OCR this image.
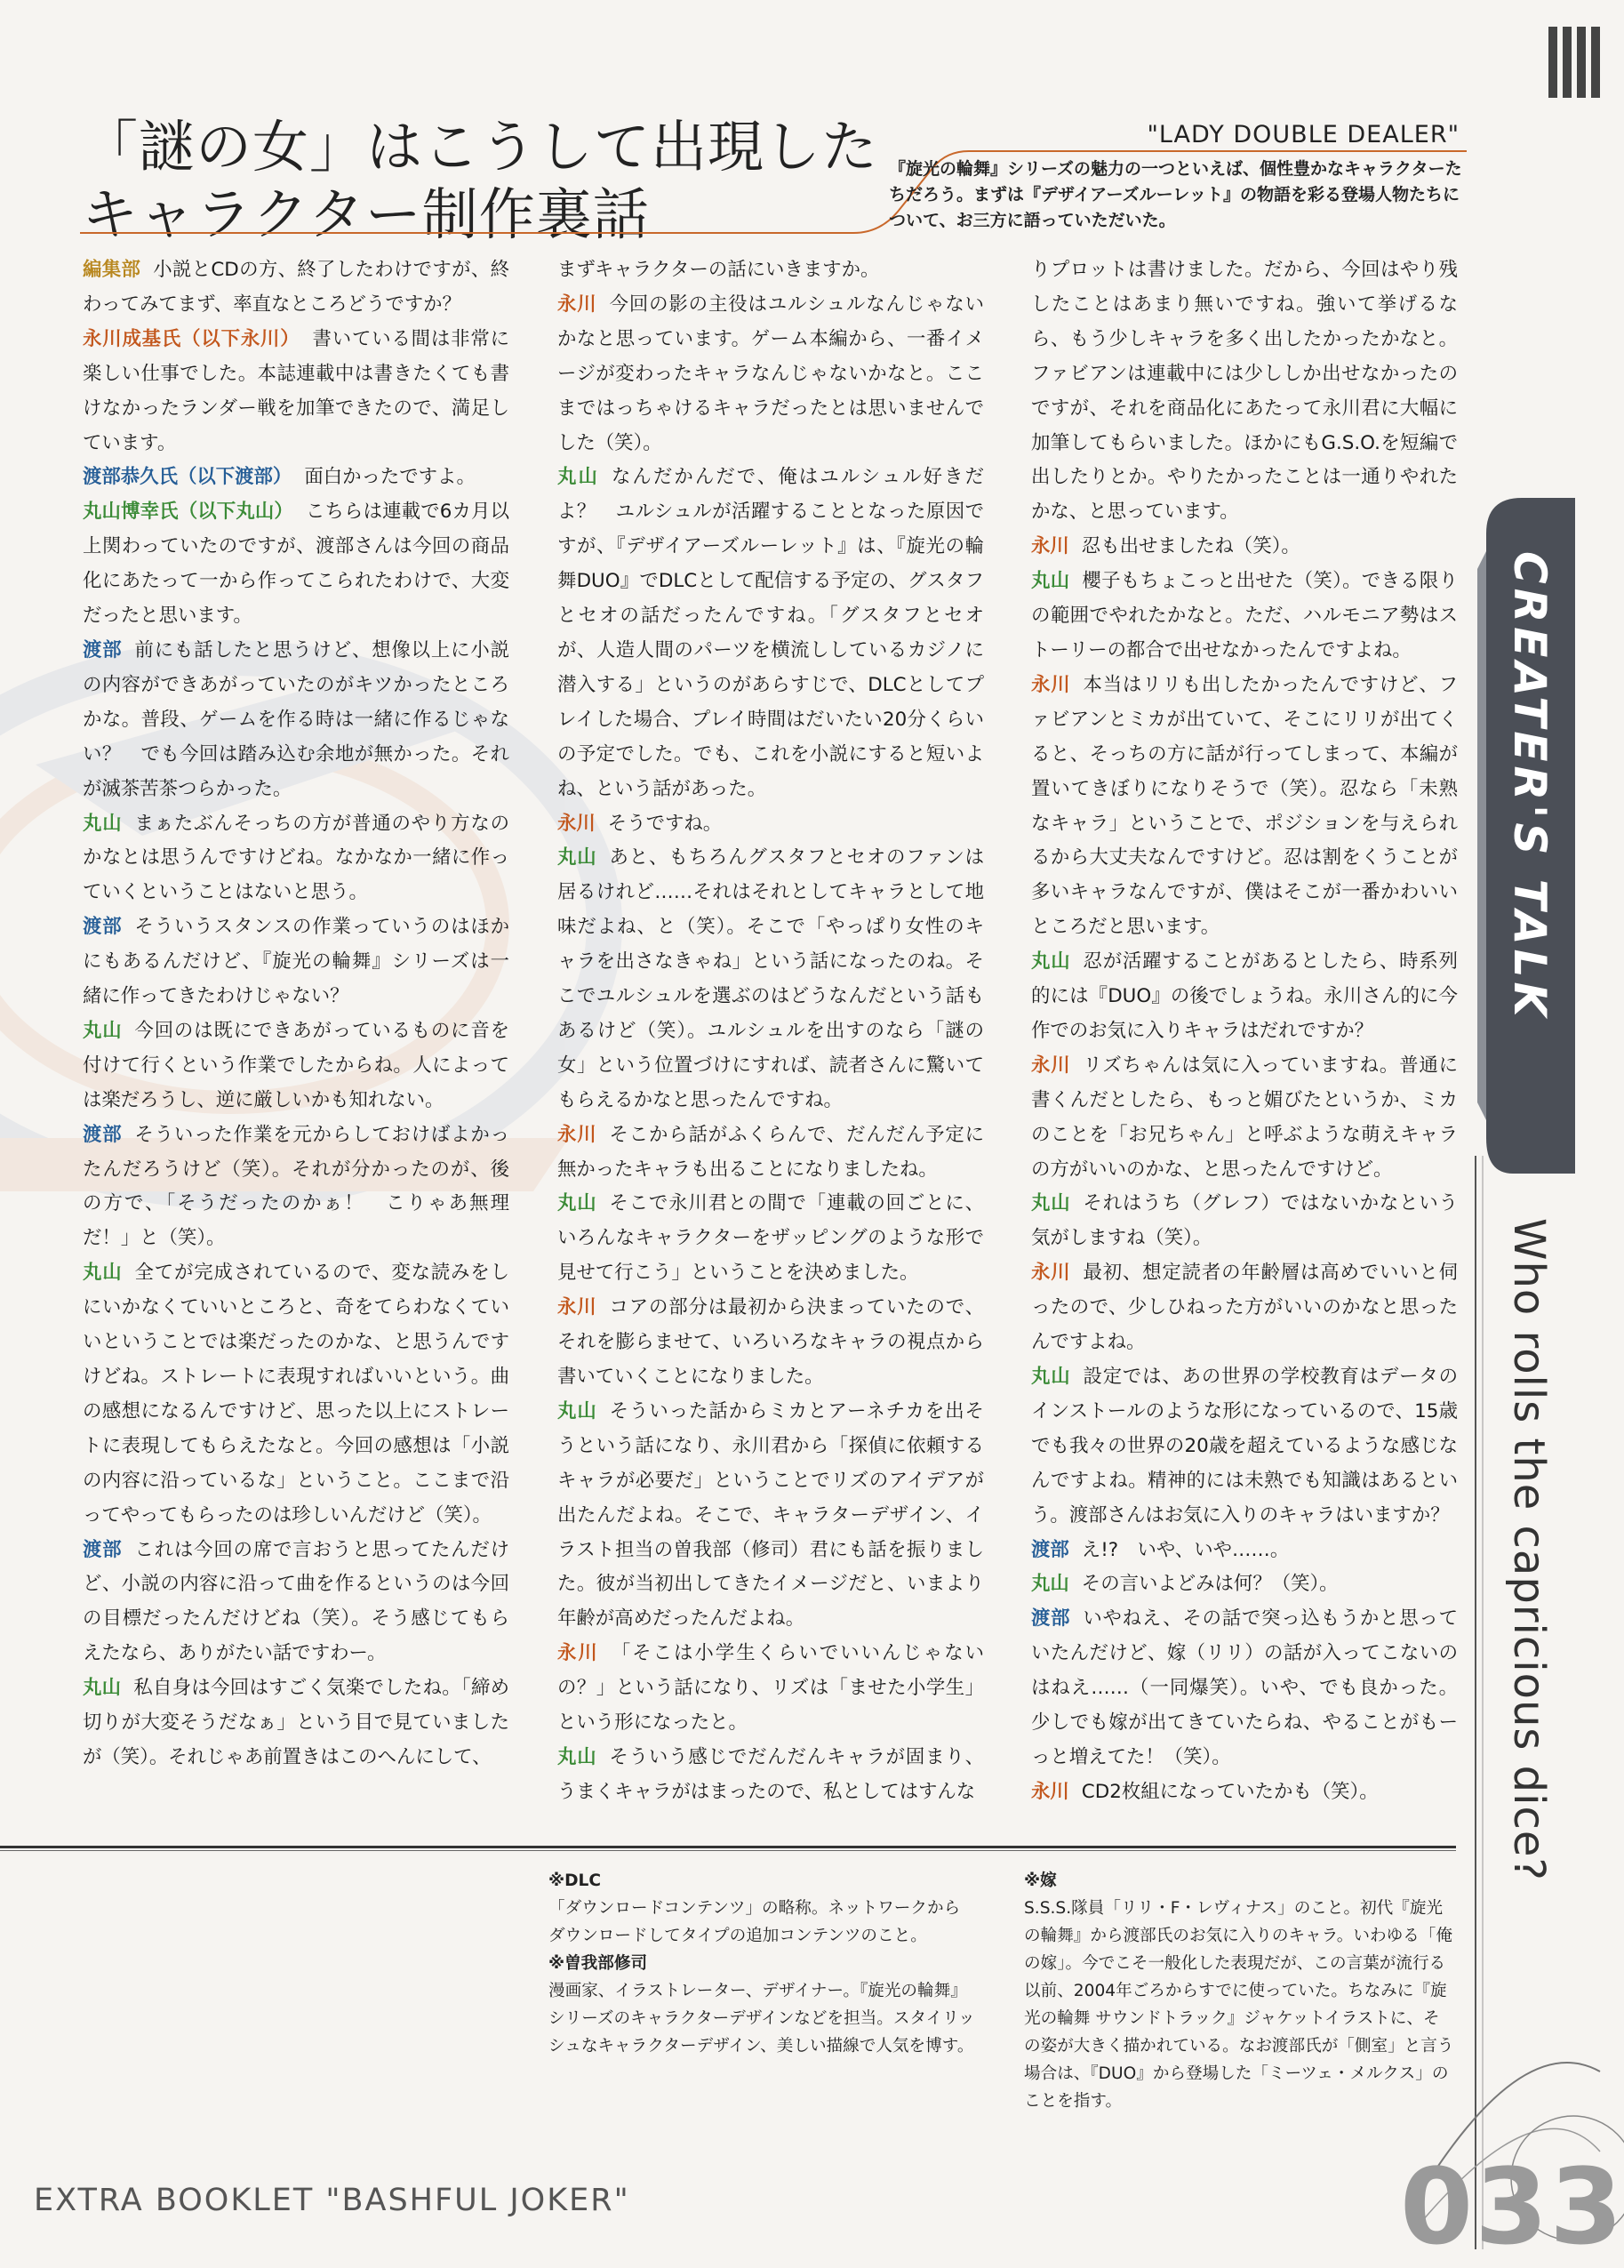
「謎の女」はこうして出現した
キャラクター制作裏話
"LADY DOUBLE DEALER"
『旋光の輪舞』シリーズの魅力の一つといえば、個性豊かなキャラクターたちだろう。まずは『デザイアーズルーレット』の物語を彩る登場人物たちについて、お三方に語っていただいた。

編集部 小説とCDの方、終了したわけですが、終わってみてまず、率直なところどうですか？

永川成基氏（以下永川） 書いている間は非常に楽しい仕事でした。本誌連載中は書きたくても書けなかったランダー戦を加筆できたので、満足しています。

渡部恭久氏（以下渡部） 面白かったですよ。

丸山博幸氏（以下丸山） こちらは連載で6カ月以上関わっていたのですが、渡部さんは今回の商品化にあたって一から作ってこられたわけで、大変だったと思います。

渡部 前にも話したと思うけど、想像以上に小説の内容ができあがっていたのがキツかったところかな。普段、ゲームを作る時は一緒に作るじゃない？　でも今回は踏み込む余地が無かった。それが滅茶苦茶つらかった。

丸山 まぁたぶんそっちの方が普通のやり方なのかなとは思うんですけどね。なかなか一緒に作っていくということはないと思う。

渡部 そういうスタンスの作業っていうのはほかにもあるんだけど、『旋光の輪舞』シリーズは一緒に作ってきたわけじゃない？

丸山 今回のは既にできあがっているものに音を付けて行くという作業でしたからね。人によっては楽だろうし、逆に厳しいかも知れない。

渡部 そういった作業を元からしておけばよかったんだろうけど（笑）。それが分かったのが、後の方で、「そうだったのかぁ！　こりゃあ無理だ！」と（笑）。

丸山 全てが完成されているので、変な読みをしにいかなくていいところと、奇をてらわなくていいということでは楽だったのかな、と思うんですけどね。ストレートに表現すればいいという。曲の感想になるんですけど、思った以上にストレートに表現してもらえたなと。今回の感想は「小説の内容に沿っているな」ということ。ここまで沿ってやってもらったのは珍しいんだけど（笑）。

渡部 これは今回の席で言おうと思ってたんだけど、小説の内容に沿って曲を作るというのは今回の目標だったんだけどね（笑）。そう感じてもらえたなら、ありがたい話ですわー。

丸山 私自身は今回はすごく気楽でしたね。「締め切りが大変そうだなぁ」という目で見ていましたが（笑）。それじゃあ前置きはこのへんにして、

まずキャラクターの話にいきますか。

永川 今回の影の主役はユルシュルなんじゃないかなと思っています。ゲーム本編から、一番イメージが変わったキャラなんじゃないかなと。ここまではっちゃけるキャラだったとは思いませんでした（笑）。

丸山 なんだかんだで、俺はユルシュル好きだよ？　ユルシュルが活躍することとなった原因ですが、『デザイアーズルーレット』は、『旋光の輪舞DUO』でDLCとして配信する予定の、グスタフとセオの話だったんですね。「グスタフとセオが、人造人間のパーツを横流ししているカジノに潜入する」というのがあらすじで、DLCとしてプレイした場合、プレイ時間はだいたい20分くらいの予定でした。でも、これを小説にすると短いよね、という話があった。

永川 そうですね。

丸山 あと、もちろんグスタフとセオのファンは居るけれど……それはそれとしてキャラとして地味だよね、と（笑）。そこで「やっぱり女性のキャラを出さなきゃね」という話になったのね。そこでユルシュルを選ぶのはどうなんだという話もあるけど（笑）。ユルシュルを出すのなら「謎の女」という位置づけにすれば、読者さんに驚いてもらえるかなと思ったんですね。

永川 そこから話がふくらんで、だんだん予定に無かったキャラも出ることになりましたね。

丸山 そこで永川君との間で「連載の回ごとに、いろんなキャラクターをザッピングのような形で見せて行こう」ということを決めました。

永川 コアの部分は最初から決まっていたので、それを膨らませて、いろいろなキャラの視点から書いていくことになりました。

丸山 そういった話からミカとアーネチカを出そうという話になり、永川君から「探偵に依頼するキャラが必要だ」ということでリズのアイデアが出たんだよね。そこで、キャラターデザイン、イラスト担当の曽我部（修司）君にも話を振りました。彼が当初出してきたイメージだと、いまより年齢が高めだったんだよね。

永川 「そこは小学生くらいでいいんじゃないの？」という話になり、リズは「ませた小学生」という形になったと。

丸山 そういう感じでだんだんキャラが固まり、うまくキャラがはまったので、私としてはすんな

りプロットは書けました。だから、今回はやり残したことはあまり無いですね。強いて挙げるなら、もう少しキャラを多く出したかったかなと。ファビアンは連載中には少ししか出せなかったのですが、それを商品化にあたって永川君に大幅に加筆してもらいました。ほかにもG.S.O.を短編で出したりとか。やりたかったことは一通りやれたかな、と思っています。

永川 忍も出せましたね（笑）。

丸山 櫻子もちょこっと出せた（笑）。できる限りの範囲でやれたかなと。ただ、ハルモニア勢はストーリーの都合で出せなかったんですよね。

永川 本当はリリも出したかったんですけど、ファビアンとミカが出ていて、そこにリリが出てくると、そっちの方に話が行ってしまって、本編が置いてきぼりになりそうで（笑）。忍なら「未熟なキャラ」ということで、ポジションを与えられるから大丈夫なんですけど。忍は割をくうことが多いキャラなんですが、僕はそこが一番かわいいところだと思います。

丸山 忍が活躍することがあるとしたら、時系列的には『DUO』の後でしょうね。永川さん的に今作でのお気に入りキャラはだれですか？

永川 リズちゃんは気に入っていますね。普通に書くんだとしたら、もっと媚びたというか、ミカのことを「お兄ちゃん」と呼ぶような萌えキャラの方がいいのかな、と思ったんですけど。

丸山 それはうち（グレフ）ではないかなという気がしますね（笑）。

永川 最初、想定読者の年齢層は高めでいいと伺ったので、少しひねった方がいいのかなと思ったんですよね。

丸山 設定では、あの世界の学校教育はデータのインストールのような形になっているので、15歳でも我々の世界の20歳を超えているような感じなんですよね。精神的には未熟でも知識はあるという。渡部さんはお気に入りのキャラはいますか？

渡部 え!?　いや、いや……。

丸山 その言いよどみは何？（笑）。

渡部 いやねえ、その話で突っ込もうかと思っていたんだけど、嫁（リリ）の話が入ってこないのはねえ……（一同爆笑）。いや、でも良かった。少しでも嫁が出てきていたらね、やることがもーっと増えてた！（笑）。

永川 CD2枚組になっていたかも（笑）。

※DLC
「ダウンロードコンテンツ」の略称。ネットワークからダウンロードしてタイプの追加コンテンツのこと。
※曽我部修司
漫画家、イラストレーター、デザイナー。『旋光の輪舞』シリーズのキャラクターデザインなどを担当。スタイリッシュなキャラクターデザイン、美しい描線で人気を博す。
※嫁
S.S.S.隊員「リリ・F・レヴィナス」のこと。初代『旋光の輪舞』から渡部氏のお気に入りのキャラ。いわゆる「俺の嫁」。今でこそ一般化した表現だが、この言葉が流行る以前、2004年ごろからすでに使っていた。ちなみに『旋光の輪舞 サウンドトラック』ジャケットイラストに、その姿が大きく描かれている。なお渡部氏が「側室」と言う場合は、『DUO』から登場した「ミーツェ・メルクス」のことを指す。
CREATER'S TALK
Who rolls the capricious dice?
EXTRA BOOKLET "BASHFUL JOKER"	033
